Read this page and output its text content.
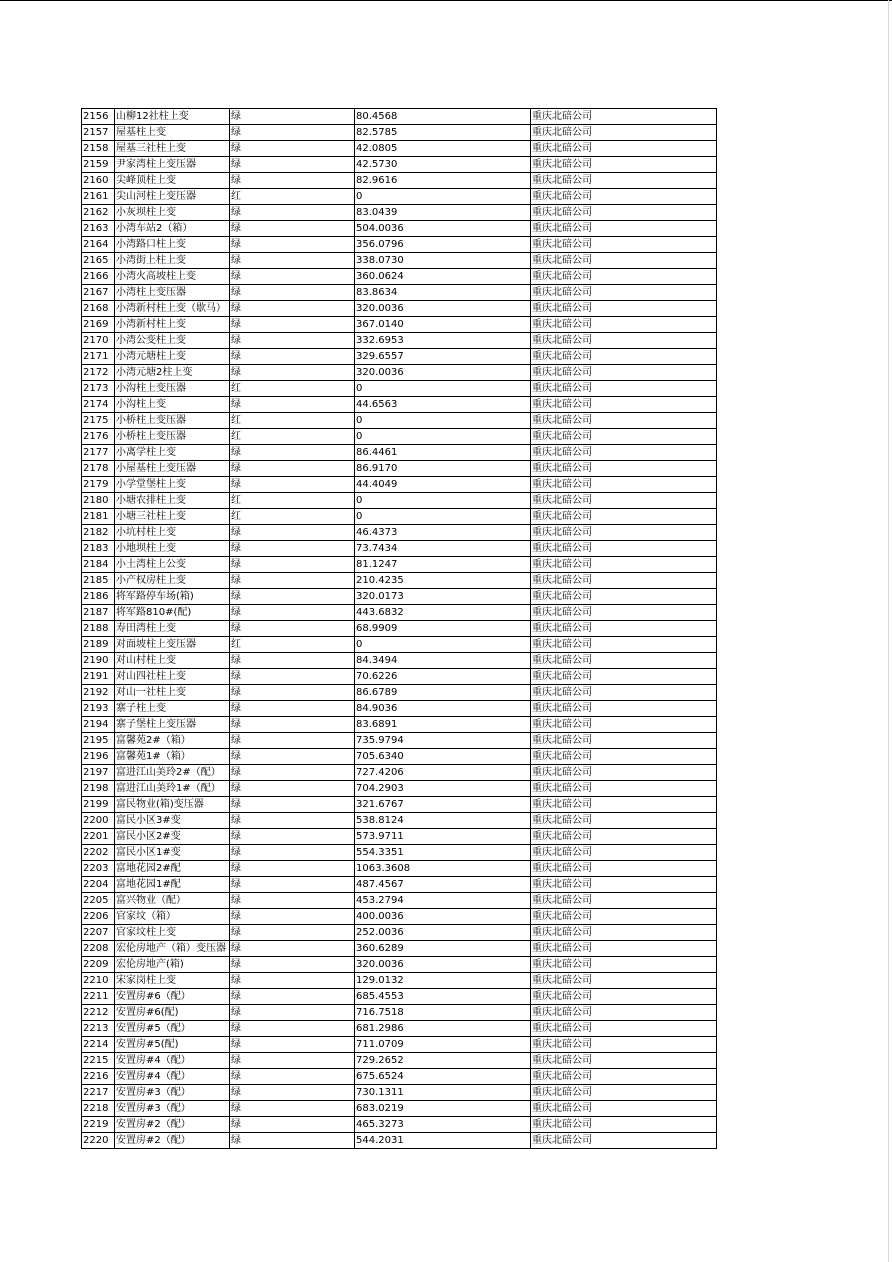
2156	山柳12社柱上变	绿	80.4568	重庆北碚公司
2157	屋基柱上变	绿	82.5785	重庆北碚公司
2158	屋基三社柱上变	绿	42.0805	重庆北碚公司
2159	尹家湾柱上变压器	绿	42.5730	重庆北碚公司
2160	尖峰顶柱上变	绿	82.9616	重庆北碚公司
2161	尖山河柱上变压器	红	0	重庆北碚公司
2162	小灰坝柱上变	绿	83.0439	重庆北碚公司
2163	小湾车站2（箱）	绿	504.0036	重庆北碚公司
2164	小湾路口柱上变	绿	356.0796	重庆北碚公司
2165	小湾街上柱上变	绿	338.0730	重庆北碚公司
2166	小湾火高坡柱上变	绿	360.0624	重庆北碚公司
2167	小湾柱上变压器	绿	83.8634	重庆北碚公司
2168	小湾新村柱上变（歇马）	绿	320.0036	重庆北碚公司
2169	小湾新村柱上变	绿	367.0140	重庆北碚公司
2170	小湾公变柱上变	绿	332.6953	重庆北碚公司
2171	小湾元塘柱上变	绿	329.6557	重庆北碚公司
2172	小湾元塘2柱上变	绿	320.0036	重庆北碚公司
2173	小沟柱上变压器	红	0	重庆北碚公司
2174	小沟柱上变	绿	44.6563	重庆北碚公司
2175	小桥柱上变压器	红	0	重庆北碚公司
2176	小桥柱上变压器	红	0	重庆北碚公司
2177	小离学柱上变	绿	86.4461	重庆北碚公司
2178	小屋基柱上变压器	绿	86.9170	重庆北碚公司
2179	小学堂堡柱上变	绿	44.4049	重庆北碚公司
2180	小塘农排柱上变	红	0	重庆北碚公司
2181	小塘三社柱上变	红	0	重庆北碚公司
2182	小坑村柱上变	绿	46.4373	重庆北碚公司
2183	小地坝柱上变	绿	73.7434	重庆北碚公司
2184	小土湾柱上公变	绿	81.1247	重庆北碚公司
2185	小产权房柱上变	绿	210.4235	重庆北碚公司
2186	将军路停车场(箱)	绿	320.0173	重庆北碚公司
2187	将军路810#(配)	绿	443.6832	重庆北碚公司
2188	寿田湾柱上变	绿	68.9909	重庆北碚公司
2189	对面坡柱上变压器	红	0	重庆北碚公司
2190	对山村柱上变	绿	84.3494	重庆北碚公司
2191	对山四社柱上变	绿	70.6226	重庆北碚公司
2192	对山一社柱上变	绿	86.6789	重庆北碚公司
2193	寨子柱上变	绿	84.9036	重庆北碚公司
2194	寨子堡柱上变压器	绿	83.6891	重庆北碚公司
2195	富馨苑2#（箱）	绿	735.9794	重庆北碚公司
2196	富馨苑1#（箱）	绿	705.6340	重庆北碚公司
2197	富进江山美玲2#（配）	绿	727.4206	重庆北碚公司
2198	富进江山美玲1#（配）	绿	704.2903	重庆北碚公司
2199	富民物业(箱)变压器	绿	321.6767	重庆北碚公司
2200	富民小区3#变	绿	538.8124	重庆北碚公司
2201	富民小区2#变	绿	573.9711	重庆北碚公司
2202	富民小区1#变	绿	554.3351	重庆北碚公司
2203	富地花园2#配	绿	1063.3608	重庆北碚公司
2204	富地花园1#配	绿	487.4567	重庆北碚公司
2205	富兴物业（配）	绿	453.2794	重庆北碚公司
2206	官家坟（箱）	绿	400.0036	重庆北碚公司
2207	官家坟柱上变	绿	252.0036	重庆北碚公司
2208	宏伦房地产（箱）变压器	绿	360.6289	重庆北碚公司
2209	宏伦房地产(箱)	绿	320.0036	重庆北碚公司
2210	宋家岗柱上变	绿	129.0132	重庆北碚公司
2211	安置房#6（配）	绿	685.4553	重庆北碚公司
2212	安置房#6(配)	绿	716.7518	重庆北碚公司
2213	安置房#5（配）	绿	681.2986	重庆北碚公司
2214	安置房#5(配)	绿	711.0709	重庆北碚公司
2215	安置房#4（配）	绿	729.2652	重庆北碚公司
2216	安置房#4（配）	绿	675.6524	重庆北碚公司
2217	安置房#3（配）	绿	730.1311	重庆北碚公司
2218	安置房#3（配）	绿	683.0219	重庆北碚公司
2219	安置房#2（配）	绿	465.3273	重庆北碚公司
2220	安置房#2（配）	绿	544.2031	重庆北碚公司
